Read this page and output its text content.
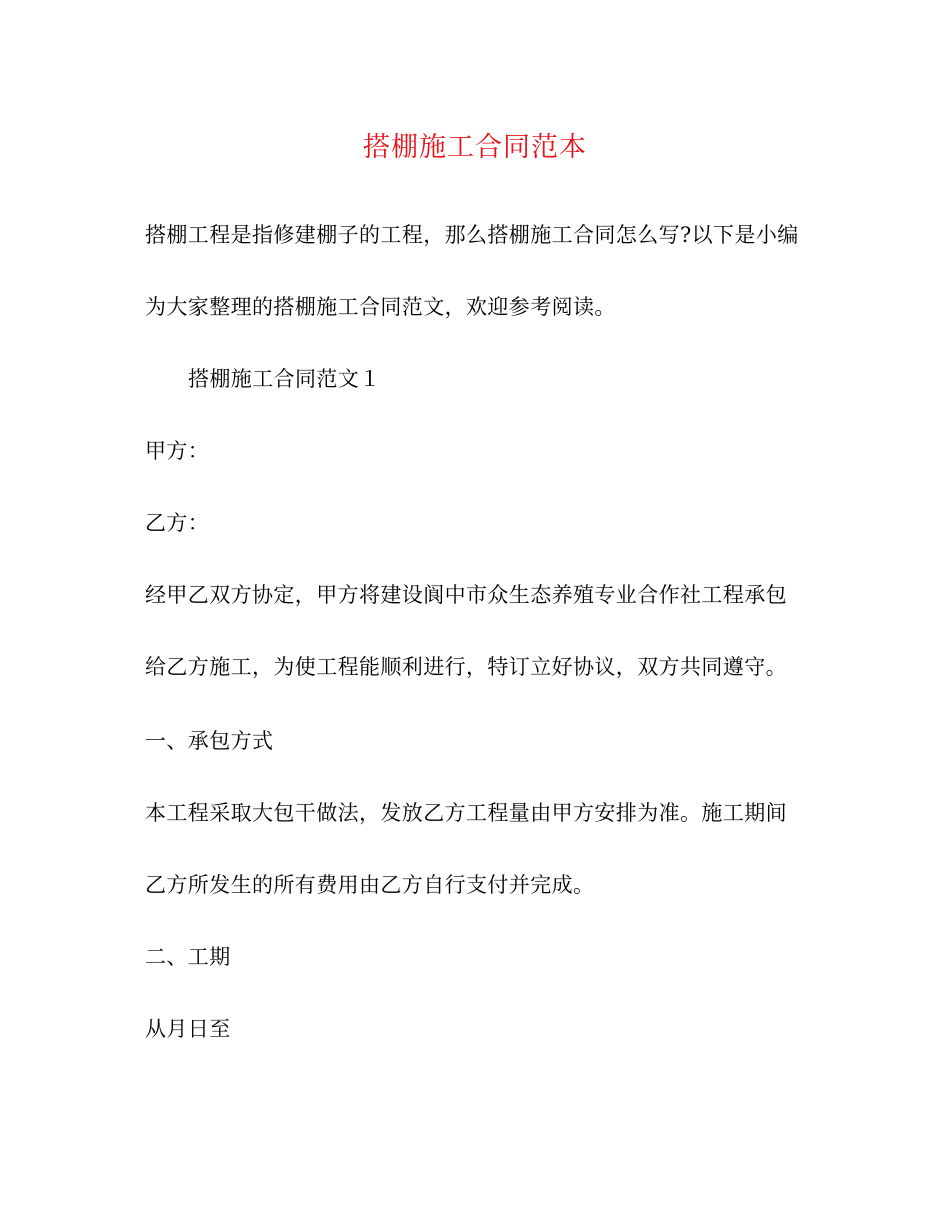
搭棚施工合同范本
搭棚工程是指修建棚子的工程，那么搭棚施工合同怎么写?以下是小编
为大家整理的搭棚施工合同范文，欢迎参考阅读。
搭棚施工合同范文１
甲方：
乙方：
经甲乙双方协定，甲方将建设阆中市众生态养殖专业合作社工程承包
给乙方施工，为使工程能顺利进行，特订立好协议，双方共同遵守。
一、承包方式
本工程采取大包干做法，发放乙方工程量由甲方安排为准。施工期间
乙方所发生的所有费用由乙方自行支付并完成。
二、工期
从月日至
